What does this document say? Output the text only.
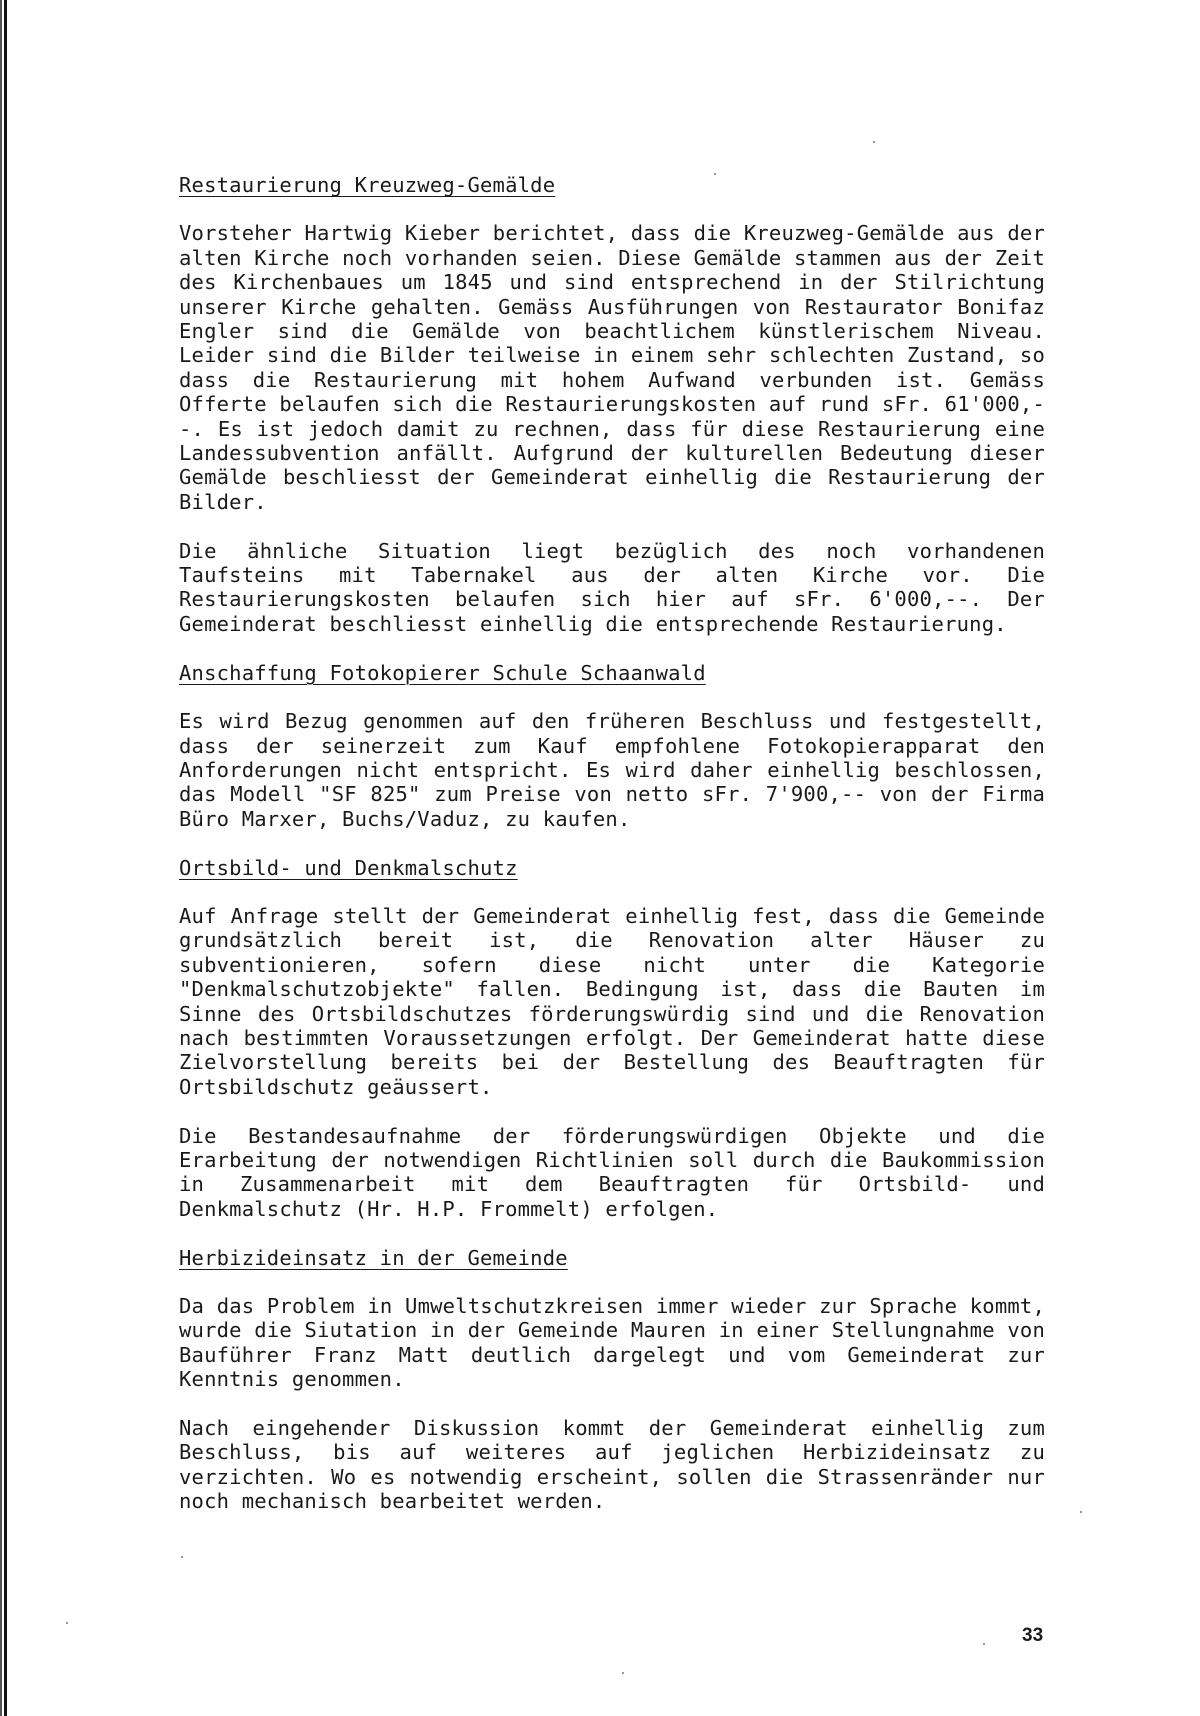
Restaurierung Kreuzweg-Gemälde

Vorsteher Hartwig Kieber berichtet, dass die Kreuzweg-Gemälde aus der alten Kirche noch vorhanden seien. Diese Gemälde stammen aus der Zeit des Kirchenbaues um 1845 und sind entsprechend in der Stilrichtung unserer Kirche gehalten. Gemäss Ausführungen von Restaurator Bonifaz Engler sind die Gemälde von beachtlichem künstlerischem Niveau. Leider sind die Bilder teilweise in einem sehr schlechten Zustand, so dass die Restaurierung mit hohem Aufwand verbunden ist. Gemäss Offerte belaufen sich die Restaurierungskosten auf rund sFr. 61'000,--. Es ist jedoch damit zu rechnen, dass für diese Restaurierung eine Landessubvention anfällt. Aufgrund der kulturellen Bedeutung dieser Gemälde beschliesst der Gemeinderat einhellig die Restaurierung der Bilder.

Die ähnliche Situation liegt bezüglich des noch vorhandenen Taufsteins mit Tabernakel aus der alten Kirche vor. Die Restaurierungskosten belaufen sich hier auf sFr. 6'000,--. Der Gemeinderat beschliesst einhellig die entsprechende Restaurierung.

Anschaffung Fotokopierer Schule Schaanwald

Es wird Bezug genommen auf den früheren Beschluss und festgestellt, dass der seinerzeit zum Kauf empfohlene Fotokopierapparat den Anforderungen nicht entspricht. Es wird daher einhellig beschlossen, das Modell "SF 825" zum Preise von netto sFr. 7'900,-- von der Firma Büro Marxer, Buchs/Vaduz, zu kaufen.

Ortsbild- und Denkmalschutz

Auf Anfrage stellt der Gemeinderat einhellig fest, dass die Gemeinde grundsätzlich bereit ist, die Renovation alter Häuser zu subventionieren, sofern diese nicht unter die Kategorie "Denkmalschutzobjekte" fallen. Bedingung ist, dass die Bauten im Sinne des Ortsbildschutzes förderungswürdig sind und die Renovation nach bestimmten Voraussetzungen erfolgt. Der Gemeinderat hatte diese Zielvorstellung bereits bei der Bestellung des Beauftragten für Ortsbildschutz geäussert.

Die Bestandesaufnahme der förderungswürdigen Objekte und die Erarbeitung der notwendigen Richtlinien soll durch die Baukommission in Zusammenarbeit mit dem Beauftragten für Ortsbild- und Denkmalschutz (Hr. H.P. Frommelt) erfolgen.

Herbizideinsatz in der Gemeinde

Da das Problem in Umweltschutzkreisen immer wieder zur Sprache kommt, wurde die Siutation in der Gemeinde Mauren in einer Stellungnahme von Bauführer Franz Matt deutlich dargelegt und vom Gemeinderat zur Kenntnis genommen.

Nach eingehender Diskussion kommt der Gemeinderat einhellig zum Beschluss, bis auf weiteres auf jeglichen Herbizideinsatz zu verzichten. Wo es notwendig erscheint, sollen die Strassenränder nur noch mechanisch bearbeitet werden.

33
